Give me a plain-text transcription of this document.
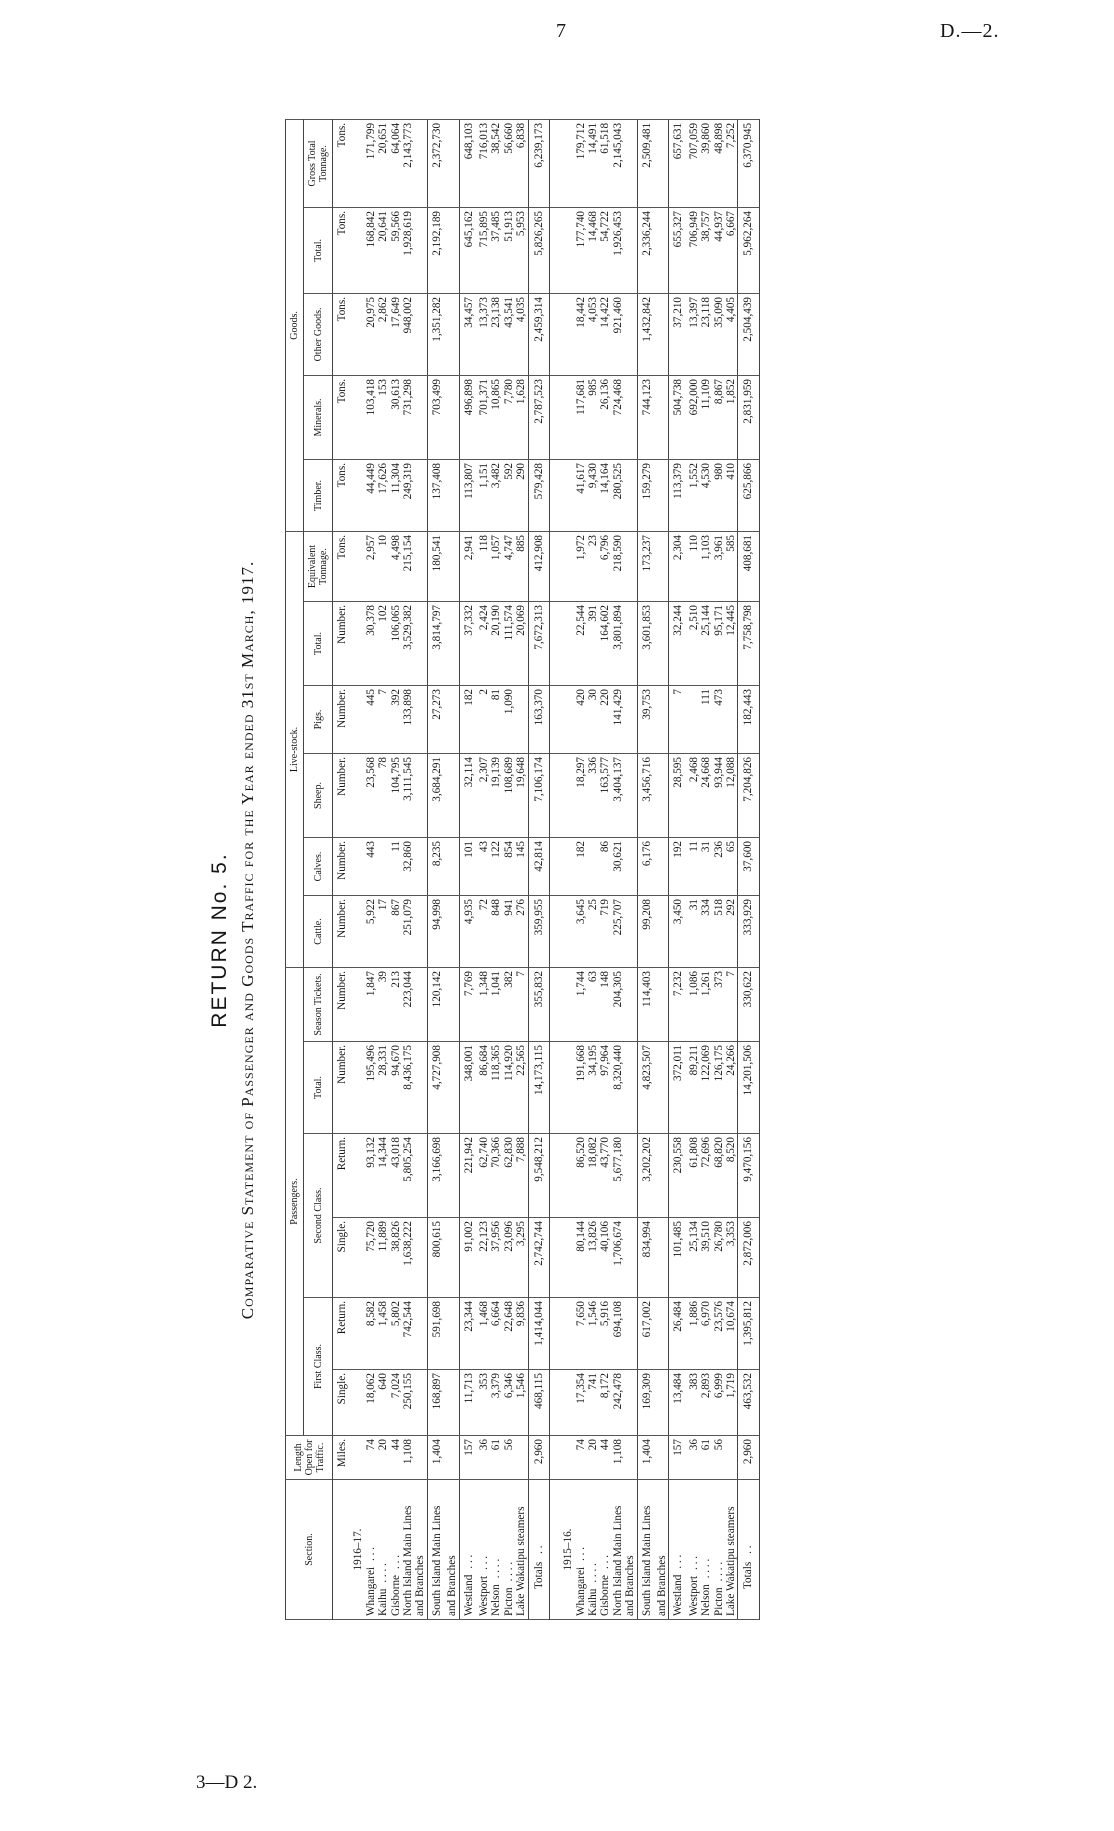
7	D.—2.
3—D 2.
RETURN No. 5. Comparative Statement of Passenger and Goods Traffic for the Year ended 31st March, 1917.
Section.	Length Open for Traffic.	Passengers.						Live-stock.						Goods.				
		First Class.		Second Class.		Total.	Season Tickets.	Cattle.	Calves.	Sheep.	Pigs.	Total.	Equivalent Tonnage.	Timber.	Minerals.	Other Goods.	Total.	Gross Total Tonnage.

	Miles.	Single.	Return.	Single.	Return.	Number.	Number.	Number.	Number.	Number.	Number.	Number.	Tons.	Tons.	Tons.	Tons.	Tons.	Tons.
1916–17.																		
Whangarei. . .	74	18,062	8,582	75,720	93,132	195,496	1,847	5,922	443	23,568	445	30,378	2,957	44,449	103,418	20,975	168,842	171,799
Kaihu. . . .	20	640	1,458	11,889	14,344	28,331	39	17		78	7	102	10	17,626	153	2,862	20,641	20,651
Gisborne. . .	44	7,024	5,802	38,826	43,018	94,670	213	867	11	104,795	392	106,065	4,498	11,304	30,613	17,649	59,566	64,064
North Island Main Lines	1,108	250,155	742,544	1,638,222	5,805,254	8,436,175	223,044	251,079	32,860	3,111,545	133,898	3,529,382	215,154	249,319	731,298	948,002	1,928,619	2,143,773
and Branches																		
South Island Main Lines	1,404	168,897	591,698	800,615	3,166,698	4,727,908	120,142	94,998	8,235	3,684,291	27,273	3,814,797	180,541	137,408	703,499	1,351,282	2,192,189	2,372,730
and Branches																		
Westland. . .	157	11,713	23,344	91,002	221,942	348,001	7,769	4,935	101	32,114	182	37,332	2,941	113,807	496,898	34,457	645,162	648,103
Westport. . .	36	353	1,468	22,123	62,740	86,684	1,348	72	43	2,307	2	2,424	118	1,151	701,371	13,373	715,895	716,013
Nelson. . . .	61	3,379	6,664	37,956	70,366	118,365	1,041	848	122	19,139	81	20,190	1,057	3,482	10,865	23,138	37,485	38,542
Picton. . . .	56	6,346	22,648	23,096	62,830	114,920	382	941	854	108,689	1,090	111,574	4,747	592	7,780	43,541	51,913	56,660
Lake Wakatipu steamers		1,546	9,836	3,295	7,888	22,565	7	276	145	19,648		20,069	885	290	1,628	4,035	5,953	6,838
Totals. .	2,960	468,115	1,414,044	2,742,744	9,548,212	14,173,115	355,832	359,955	42,814	7,106,174	163,370	7,672,313	412,908	579,428	2,787,523	2,459,314	5,826,265	6,239,173

1915–16.																		
Whangarei. . .	74	17,354	7,650	80,144	86,520	191,668	1,744	3,645	182	18,297	420	22,544	1,972	41,617	117,681	18,442	177,740	179,712
Kaihu. . . .	20	741	1,546	13,826	18,082	34,195	63	25		336	30	391	23	9,430	985	4,053	14,468	14,491
Gisborne. . .	44	8,172	5,916	40,106	43,770	97,964	148	719	86	163,577	220	164,602	6,796	14,164	26,136	14,422	54,722	61,518
North Island Main Lines	1,108	242,478	694,108	1,706,674	5,677,180	8,320,440	204,305	225,707	30,621	3,404,137	141,429	3,801,894	218,590	280,525	724,468	921,460	1,926,453	2,145,043
and Branches																		
South Island Main Lines	1,404	169,309	617,002	834,994	3,202,202	4,823,507	114,403	99,208	6,176	3,456,716	39,753	3,601,853	173,237	159,279	744,123	1,432,842	2,336,244	2,509,481
and Branches																		
Westland. . .	157	13,484	26,484	101,485	230,558	372,011	7,232	3,450	192	28,595	7	32,244	2,304	113,379	504,738	37,210	655,327	657,631
Westport. . .	36	383	1,886	25,134	61,808	89,211	1,086	31	11	2,468		2,510	110	1,552	692,000	13,397	706,949	707,059
Nelson. . . .	61	2,893	6,970	39,510	72,696	122,069	1,261	334	31	24,668	111	25,144	1,103	4,530	11,109	23,118	38,757	39,860
Picton. . . .	56	6,999	23,576	26,780	68,820	126,175	373	518	236	93,944	473	95,171	3,961	980	8,867	35,090	44,937	48,898
Lake Wakatipu steamers		1,719	10,674	3,353	8,520	24,266	7	292	65	12,088		12,445	585	410	1,852	4,405	6,667	7,252
Totals. .	2,960	463,532	1,395,812	2,872,006	9,470,156	14,201,506	330,622	333,929	37,600	7,204,826	182,443	7,758,798	408,681	625,866	2,831,959	2,504,439	5,962,264	6,370,945
